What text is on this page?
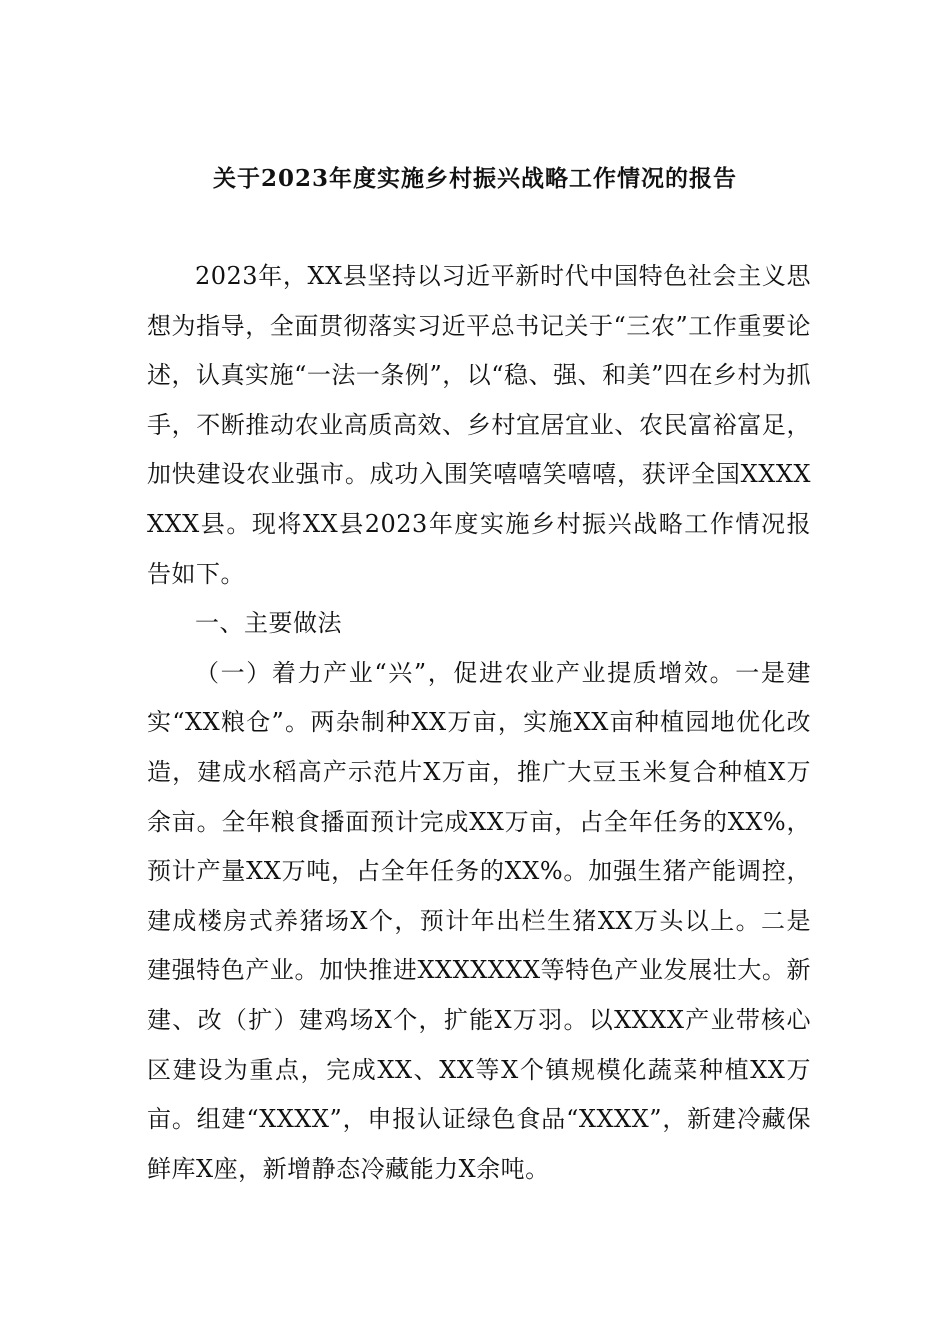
关于2023年度实施乡村振兴战略工作情况的报告

2023年，XX县坚持以习近平新时代中国特色社会主义思想为指导，全面贯彻落实习近平总书记关于“三农”工作重要论述，认真实施“一法一条例”，以“稳、强、和美”四在乡村为抓手，不断推动农业高质高效、乡村宜居宜业、农民富裕富足，加快建设农业强市。成功入围笑嘻嘻笑嘻嘻，获评全国XXXXXXX县。现将XX县2023年度实施乡村振兴战略工作情况报告如下。

一、主要做法

（一）着力产业“兴”，促进农业产业提质增效。一是建实“XX粮仓”。两杂制种XX万亩，实施XX亩种植园地优化改造，建成水稻高产示范片X万亩，推广大豆玉米复合种植X万余亩。全年粮食播面预计完成XX万亩，占全年任务的XX%，预计产量XX万吨，占全年任务的XX%。加强生猪产能调控，建成楼房式养猪场X个，预计年出栏生猪XX万头以上。二是建强特色产业。加快推进XXXXXXX等特色产业发展壮大。新建、改（扩）建鸡场X个，扩能X万羽。以XXXX产业带核心区建设为重点，完成XX、XX等X个镇规模化蔬菜种植XX万亩。组建“XXXX”，申报认证绿色食品“XXXX”，新建冷藏保鲜库X座，新增静态冷藏能力X余吨。
